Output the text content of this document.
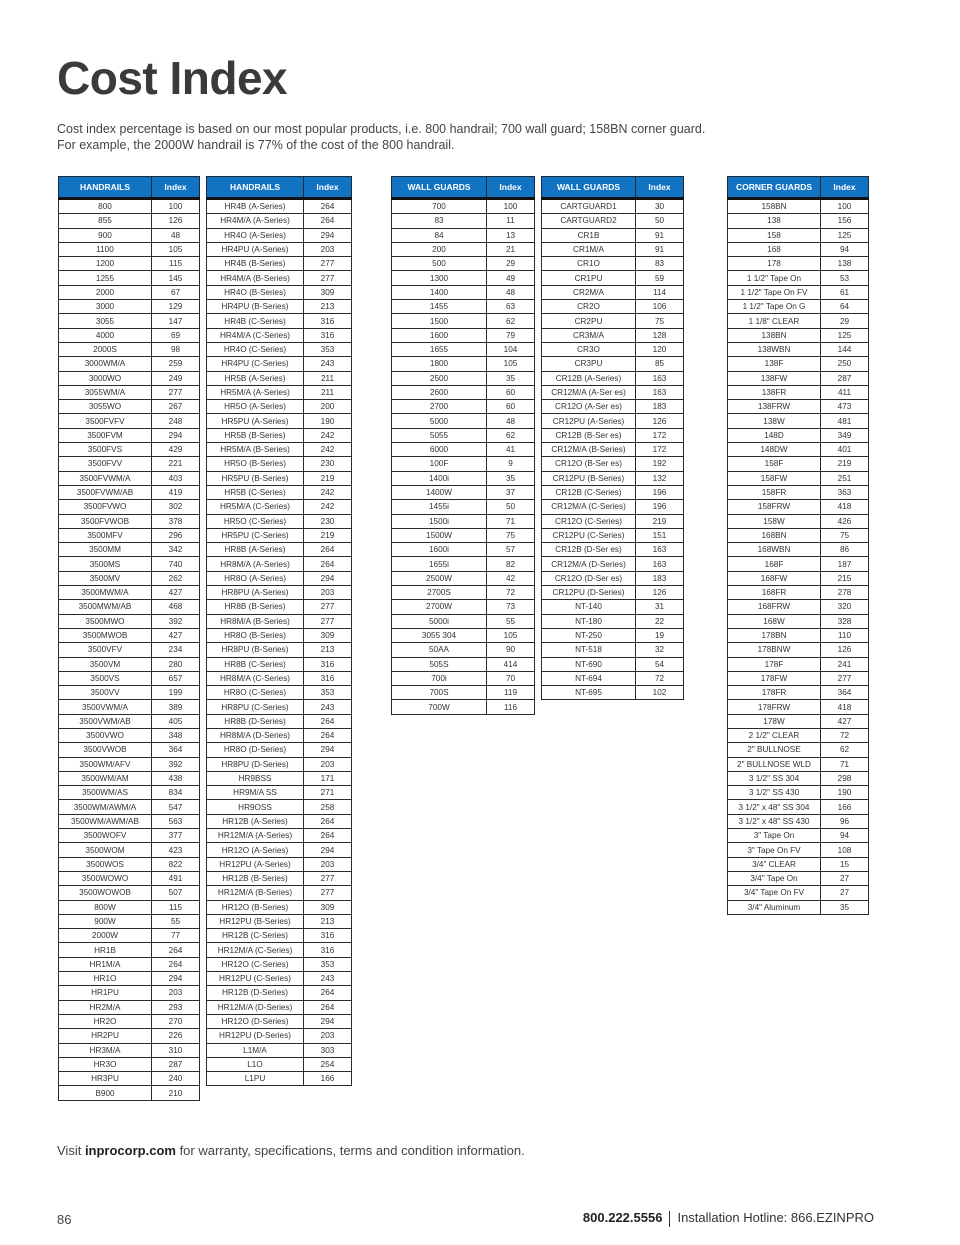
Cost Index
Cost index percentage is based on our most popular products, i.e. 800 handrail; 700 wall guard; 158BN corner guard.
For example, the 2000W handrail is 77% of the cost of the 800 handrail.
HANDRAILS	Index
800	100
855	126
900	48
1100	105
1200	115
1255	145
2000	67
3000	129
3055	147
4000	69
2000S	98
3000WM/A	259
3000WO	249
3055WM/A	277
3055WO	267
3500FVFV	248
3500FVM	294
3500FVS	429
3500FVV	221
3500FVWM/A	403
3500FVWM/AB	419
3500FVWO	302
3500FVWOB	378
3500MFV	296
3500MM	342
3500MS	740
3500MV	262
3500MWM/A	427
3500MWM/AB	468
3500MWO	392
3500MWOB	427
3500VFV	234
3500VM	280
3500VS	657
3500VV	199
3500VWM/A	389
3500VWM/AB	405
3500VWO	348
3500VWOB	364
3500WM/AFV	392
3500WM/AM	438
3500WM/AS	834
3500WM/AWM/A	547
3500WM/AWM/AB	563
3500WOFV	377
3500WOM	423
3500WOS	822
3500WOWO	491
3500WOWOB	507
800W	115
900W	55
2000W	77
HR1B	264
HR1M/A	264
HR1O	294
HR1PU	203
HR2M/A	293
HR2O	270
HR2PU	226
HR3M/A	310
HR3O	287
HR3PU	240
B900	210
HANDRAILS	Index
HR4B (A-Series)	264
HR4M/A (A-Series)	264
HR4O (A-Series)	294
HR4PU (A-Series)	203
HR4B (B-Series)	277
HR4M/A (B-Series)	277
HR4O (B-Series)	309
HR4PU (B-Series)	213
HR4B (C-Series)	316
HR4M/A (C-Series)	316
HR4O (C-Series)	353
HR4PU (C-Series)	243
HR5B (A-Series)	211
HR5M/A (A-Series)	211
HR5O (A-Series)	200
HR5PU (A-Series)	190
HR5B (B-Series)	242
HR5M/A (B-Series)	242
HR5O (B-Series)	230
HR5PU (B-Series)	219
HR5B (C-Series)	242
HR5M/A (C-Series)	242
HR5O (C-Series)	230
HR5PU (C-Series)	219
HR8B (A-Series)	264
HR8M/A (A-Series)	264
HR8O (A-Series)	294
HR8PU (A-Series)	203
HR8B (B-Series)	277
HR8M/A (B-Series)	277
HR8O (B-Series)	309
HR8PU (B-Series)	213
HR8B (C-Series)	316
HR8M/A (C-Series)	316
HR8O (C-Series)	353
HR8PU (C-Series)	243
HR8B (D-Series)	264
HR8M/A (D-Series)	264
HR8O (D-Series)	294
HR8PU (D-Series)	203
HR9BSS	171
HR9M/A SS	271
HR9OSS	258
HR12B (A-Series)	264
HR12M/A (A-Series)	264
HR12O (A-Series)	294
HR12PU (A-Series)	203
HR12B (B-Series)	277
HR12M/A (B-Series)	277
HR12O (B-Series)	309
HR12PU (B-Series)	213
HR12B (C-Series)	316
HR12M/A (C-Series)	316
HR12O (C-Series)	353
HR12PU (C-Series)	243
HR12B (D-Series)	264
HR12M/A (D-Series)	264
HR12O (D-Series)	294
HR12PU (D-Series)	203
L1M/A	303
L1O	254
L1PU	166
WALL GUARDS	Index
700	100
83	11
84	13
200	21
500	29
1300	49
1400	48
1455	63
1500	62
1600	79
1655	104
1800	105
2500	35
2600	60
2700	60
5000	48
5055	62
6000	41
100F	9
1400i	35
1400W	37
1455i	50
1500i	71
1500W	75
1600i	57
1655i	82
2500W	42
2700S	72
2700W	73
5000i	55
3055 304	105
50AA	90
505S	414
700i	70
700S	119
700W	116
WALL GUARDS	Index
CARTGUARD1	30
CARTGUARD2	50
CR1B	91
CR1M/A	91
CR1O	83
CR1PU	59
CR2M/A	114
CR2O	106
CR2PU	75
CR3M/A	128
CR3O	120
CR3PU	85
CR12B (A-Series)	163
CR12M/A (A-Ser es)	163
CR12O (A-Ser es)	183
CR12PU (A-Series)	126
CR12B (B-Ser es)	172
CR12M/A (B-Series)	172
CR12O (B-Ser es)	192
CR12PU (B-Series)	132
CR12B (C-Series)	196
CR12M/A (C-Series)	196
CR12O (C-Series)	219
CR12PU (C-Series)	151
CR12B (D-Ser es)	163
CR12M/A (D-Series)	163
CR12O (D-Ser es)	183
CR12PU (D-Series)	126
NT-140	31
NT-180	22
NT-250	19
NT-518	32
NT-690	54
NT-694	72
NT-695	102
CORNER GUARDS	Index
158BN	100
138	156
158	125
168	94
178	138
1 1/2" Tape On	53
1 1/2" Tape On FV	61
1 1/2" Tape On G	64
1 1/8" CLEAR	29
138BN	125
138WBN	144
138F	250
138FW	287
138FR	411
138FRW	473
138W	481
148D	349
148DW	401
158F	219
158FW	251
158FR	363
158FRW	418
158W	426
168BN	75
168WBN	86
168F	187
168FW	215
168FR	278
168FRW	320
168W	328
178BN	110
178BNW	126
178F	241
178FW	277
178FR	364
178FRW	418
178W	427
2 1/2" CLEAR	72
2" BULLNOSE	62
2" BULLNOSE WLD	71
3 1/2" SS 304	298
3 1/2" SS 430	190
3 1/2" x 48" SS 304	166
3 1/2" x 48" SS 430	96
3" Tape On	94
3" Tape On FV	108
3/4" CLEAR	15
3/4" Tape On	27
3/4" Tape On FV	27
3/4" Aluminum	35
Visit inprocorp.com for warranty, specifications, terms and condition information.
86	800.222.5556 Installation Hotline: 866.EZINPRO
